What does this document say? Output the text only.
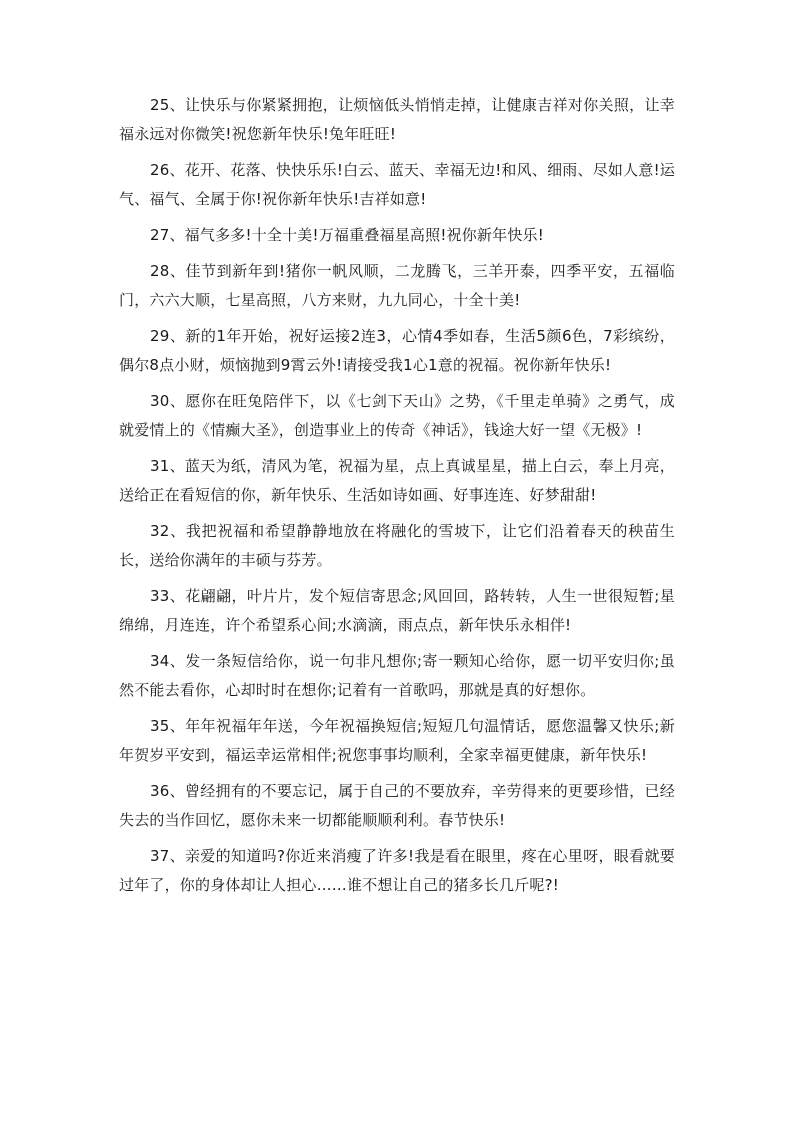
25、让快乐与你紧紧拥抱，让烦恼低头悄悄走掉，让健康吉祥对你关照，让幸福永远对你微笑!祝您新年快乐!兔年旺旺!

26、花开、花落、快快乐乐!白云、蓝天、幸福无边!和风、细雨、尽如人意!运气、福气、全属于你!祝你新年快乐!吉祥如意!

27、福气多多!十全十美!万福重叠福星高照!祝你新年快乐!

28、佳节到新年到!猪你一帆风顺，二龙腾飞，三羊开泰，四季平安，五福临门，六六大顺，七星高照，八方来财，九九同心，十全十美!

29、新的1年开始，祝好运接2连3，心情4季如春，生活5颜6色，7彩缤纷，偶尔8点小财，烦恼抛到9霄云外!请接受我1心1意的祝福。祝你新年快乐!

30、愿你在旺兔陪伴下，以《七剑下天山》之势，《千里走单骑》之勇气，成就爱情上的《情癫大圣》，创造事业上的传奇《神话》，钱途大好一望《无极》!

31、蓝天为纸，清风为笔，祝福为星，点上真诚星星，描上白云，奉上月亮，送给正在看短信的你，新年快乐、生活如诗如画、好事连连、好梦甜甜!

32、我把祝福和希望静静地放在将融化的雪坡下，让它们沿着春天的秧苗生长，送给你满年的丰硕与芬芳。

33、花翩翩，叶片片，发个短信寄思念;风回回，路转转，人生一世很短暂;星绵绵，月连连，许个希望系心间;水滴滴，雨点点，新年快乐永相伴!

34、发一条短信给你，说一句非凡想你;寄一颗知心给你，愿一切平安归你;虽然不能去看你，心却时时在想你;记着有一首歌吗，那就是真的好想你。

35、年年祝福年年送，今年祝福换短信;短短几句温情话，愿您温馨又快乐;新年贺岁平安到，福运幸运常相伴;祝您事事均顺利，全家幸福更健康，新年快乐!

36、曾经拥有的不要忘记，属于自己的不要放弃，辛劳得来的更要珍惜，已经失去的当作回忆，愿你未来一切都能顺顺利利。春节快乐!

37、亲爱的知道吗?你近来消瘦了许多!我是看在眼里，疼在心里呀，眼看就要过年了，你的身体却让人担心……谁不想让自己的猪多长几斤呢?!
